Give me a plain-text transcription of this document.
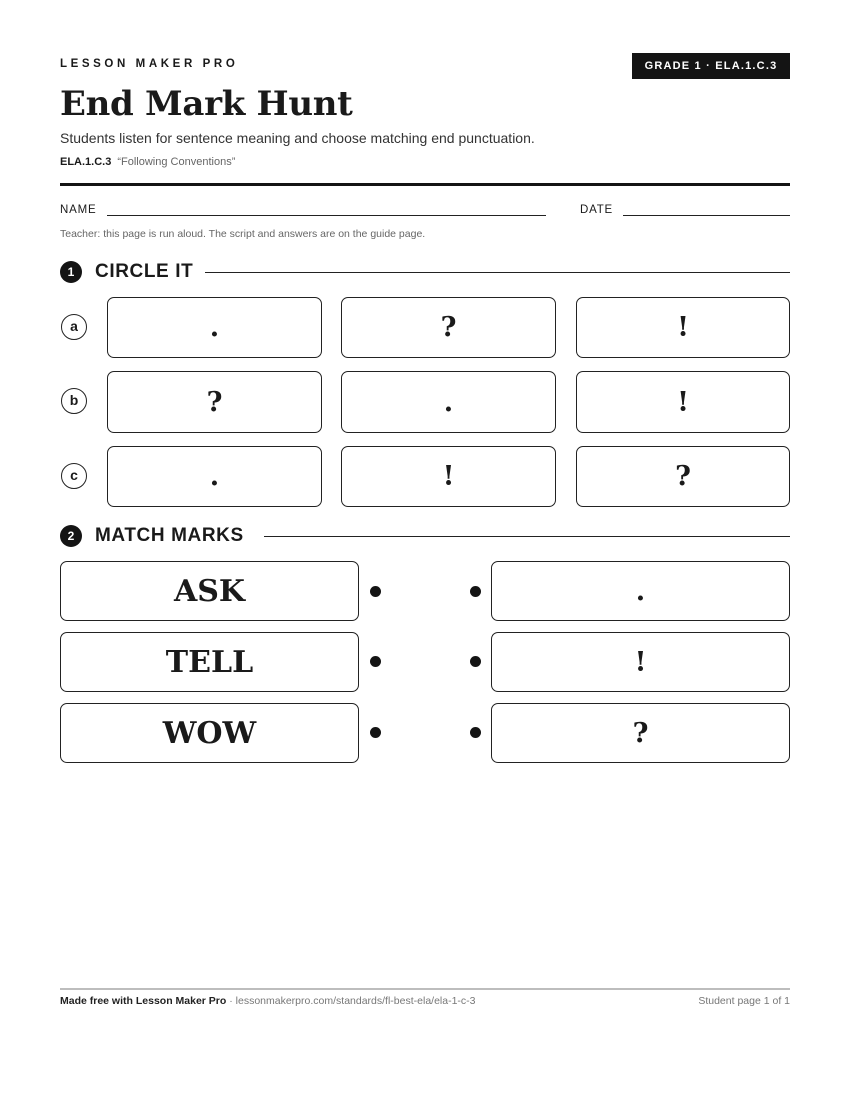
LESSON MAKER PRO	GRADE 1 · ELA.1.C.3
End Mark Hunt
Students listen for sentence meaning and choose matching end punctuation.
ELA.1.C.3 “Following Conventions”
NAME	DATE
Teacher: this page is run aloud. The script and answers are on the guide page.
1	CIRCLE IT
a	.	?	!
b	?	.	!
c	.	!	?
2	MATCH MARKS
ASK	.
TELL	!
WOW	?
Made free with Lesson Maker Pro · lessonmakerpro.com/standards/fl-best-ela/ela-1-c-3	Student page 1 of 1
